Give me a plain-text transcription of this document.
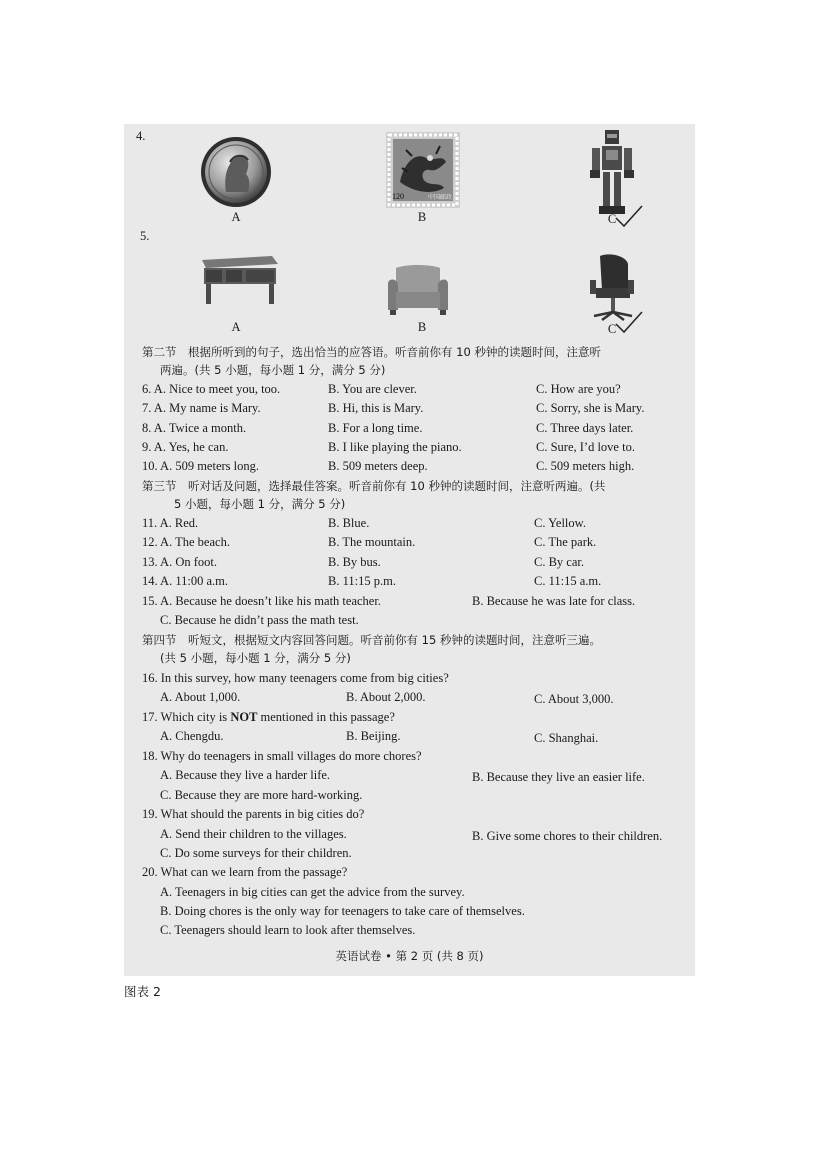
4.
A
120	中国邮政
B	C
5.
A	B	C
第二节　根据所听到的句子，选出恰当的应答语。听音前你有 10 秒钟的读题时间，注意听
两遍。(共 5 小题，每小题 1 分，满分 5 分)
6. A. Nice to meet you, too.	B. You are clever.	C. How are you?
7. A. My name is Mary.	B. Hi, this is Mary.	C. Sorry, she is Mary.
8. A. Twice a month.	B. For a long time.	C. Three days later.
9. A. Yes, he can.	B. I like playing the piano.	C. Sure, I’d love to.
10. A. 509 meters long.	B. 509 meters deep.	C. 509 meters high.
第三节　听对话及问题，选择最佳答案。听音前你有 10 秒钟的读题时间，注意听两遍。(共
5 小题，每小题 1 分，满分 5 分)
11. A. Red.	B. Blue.	C. Yellow.
12. A. The beach.	B. The mountain.	C. The park.
13. A. On foot.	B. By bus.	C. By car.
14. A. 11:00 a.m.	B. 11:15 p.m.	C. 11:15 a.m.
15. A. Because he doesn’t like his math teacher.	B. Because he was late for class.
C. Because he didn’t pass the math test.
第四节　听短文，根据短文内容回答问题。听音前你有 15 秒钟的读题时间，注意听三遍。
(共 5 小题，每小题 1 分，满分 5 分)
16. In this survey, how many teenagers come from big cities?
A. About 1,000.	B. About 2,000.	C. About 3,000.
17. Which city is NOT mentioned in this passage?
A. Chengdu.	B. Beijing.	C. Shanghai.
18. Why do teenagers in small villages do more chores?
A. Because they live a harder life.	B. Because they live an easier life.
C. Because they are more hard-working.
19. What should the parents in big cities do?
A. Send their children to the villages.	B. Give some chores to their children.
C. Do some surveys for their children.
20. What can we learn from the passage?
A. Teenagers in big cities can get the advice from the survey.
B. Doing chores is the only way for teenagers to take care of themselves.
C. Teenagers should learn to look after themselves.
英语试卷 • 第 2 页 (共 8 页)
图表 2
